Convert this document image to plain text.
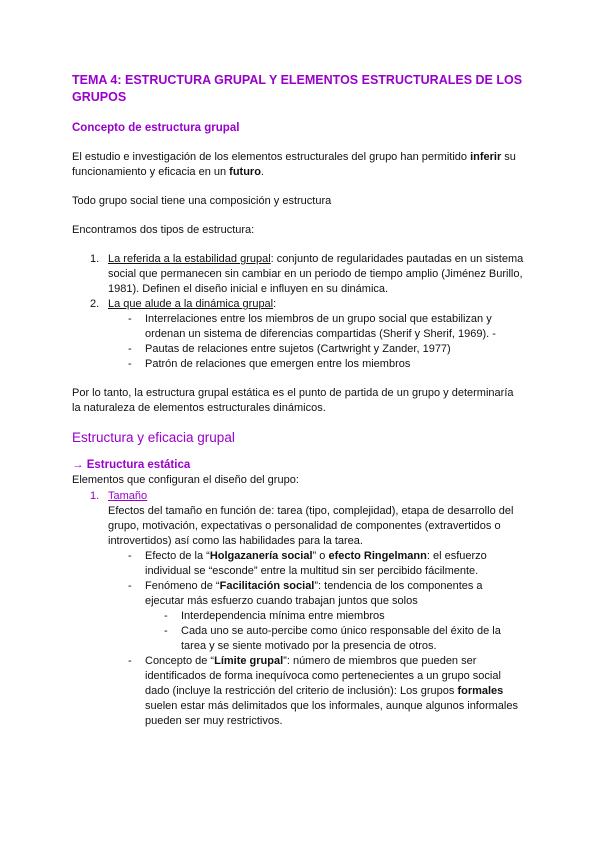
TEMA 4: ESTRUCTURA GRUPAL Y ELEMENTOS ESTRUCTURALES DE LOS GRUPOS
Concepto de estructura grupal
El estudio e investigación de los elementos estructurales del grupo han permitido inferir su
funcionamiento y eficacia en un futuro.
Todo grupo social tiene una composición y estructura
Encontramos dos tipos de estructura:
1. La referida a la estabilidad grupal: conjunto de regularidades pautadas en un sistema
social que permanecen sin cambiar en un periodo de tiempo amplio (Jiménez Burillo,
1981). Definen el diseño inicial e influyen en su dinámica.
2. La que alude a la dinámica grupal:
- Interrelaciones entre los miembros de un grupo social que estabilizan y
ordenan un sistema de diferencias compartidas (Sherif y Sherif, 1969). -
- Pautas de relaciones entre sujetos (Cartwright y Zander, 1977)
- Patrón de relaciones que emergen entre los miembros
Por lo tanto, la estructura grupal estática es el punto de partida de un grupo y determinaría
la naturaleza de elementos estructurales dinámicos.
Estructura y eficacia grupal
→ Estructura estática
Elementos que configuran el diseño del grupo:
1. Tamaño
Efectos del tamaño en función de: tarea (tipo, complejidad), etapa de desarrollo del
grupo, motivación, expectativas o personalidad de componentes (extravertidos o
introvertidos) así como las habilidades para la tarea.
- Efecto de la “Holgazanería social” o efecto Ringelmann: el esfuerzo
individual se “esconde” entre la multitud sin ser percibido fácilmente.
- Fenómeno de “Facilitación social”: tendencia de los componentes a
ejecutar más esfuerzo cuando trabajan juntos que solos
- Interdependencia mínima entre miembros
- Cada uno se auto-percibe como único responsable del éxito de la
tarea y se siente motivado por la presencia de otros.
- Concepto de “Límite grupal”: número de miembros que pueden ser
identificados de forma inequívoca como pertenecientes a un grupo social
dado (incluye la restricción del criterio de inclusión): Los grupos formales
suelen estar más delimitados que los informales, aunque algunos informales
pueden ser muy restrictivos.
